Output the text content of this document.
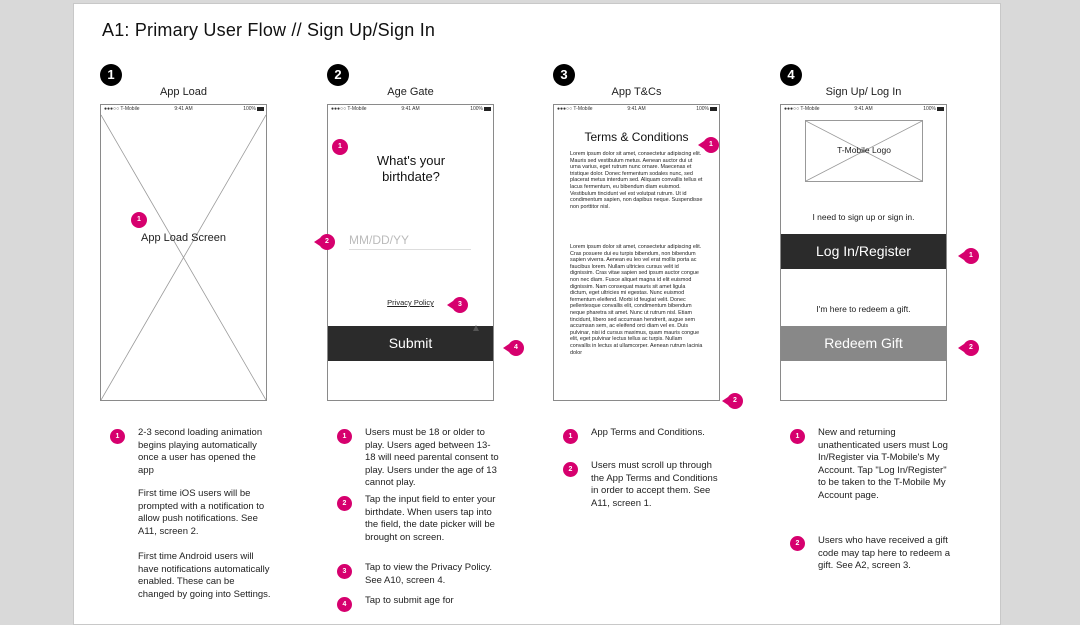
A1: Primary User Flow // Sign Up/Sign In
1
App Load
●●●○○ T-Mobile	9:41 AM	100%
1
App Load Screen
1	2-3 second loading animation begins playing automatically once a user has opened the app
First time iOS users will be prompted with a notification to allow push notifications. See A11, screen 2.
First time Android users will have notifications automatically enabled. These can be changed by going into Settings.
2
Age Gate
●●●○○ T-Mobile	9:41 AM	100%
1
What's your birthdate?
MM/DD/YY
Privacy Policy
Submit
2
3
4
1	Users must be 18 or older to play. Users aged between 13-18 will need parental consent to play. Users under the age of 13 cannot play.
2	Tap the input field to enter your birthdate. When users tap into the field, the date picker will be brought on screen.
3	Tap to view the Privacy Policy. See A10, screen 4.
4	Tap to submit age for
3
App T&Cs
●●●○○ T-Mobile	9:41 AM	100%
Terms & Conditions
Lorem ipsum dolor sit amet, consectetur adipiscing elit. Mauris sed vestibulum metus. Aenean auctor dui ut urna varius, eget rutrum nunc ornare. Maecenas et tristique dolor. Donec fermentum sodales nunc, sed placerat metus interdum sed. Aliquam convallis tellus et lacus fermentum, eu bibendum diam euismod. Vestibulum tincidunt vel est volutpat rutrum. Ut id condimentum sapien, non dapibus neque. Suspendisse non porttitor nisl.
Lorem ipsum dolor sit amet, consectetur adipiscing elit. Cras posuere dui eu turpis bibendum, non bibendum sapien viverra. Aenean eu leo vel erat mollis porta ac faucibus lorem. Nullam ultricies cursus velit id dignissim. Cras vitae sapien sed ipsum auctor congue non nec diam. Fusce aliquet magna id elit euismod dignissim. Nam consequat mauris sit amet ligula dictum, eget ultricies mi egestas. Nunc euismod fermentum eleifend. Morbi id feugiat velit. Donec pellentesque convallis elit, condimentum bibendum neque pharetra sit amet. Nunc ut rutrum nisl. Etiam tincidunt, libero sed accumsan hendrerit, augue sem accumsan sem, ac eleifend orci diam vel ex. Duis pulvinar, nisi id cursus maximus, quam mauris congue elit, eget pulvinar lectus tellus ac turpis. Nullam convallis in lectus at ullamcorper. Aenean rutrum lacinia dolor
1
2
1	App Terms and Conditions.
2	Users must scroll up through the App Terms and Conditions in order to accept them. See A11, screen 1.
4
Sign Up/ Log In
●●●○○ T-Mobile	9:41 AM	100%
T-Mobile Logo
I need to sign up or sign in.
Log In/Register
I'm here to redeem a gift.
Redeem Gift
1
2
1	New and returning unathenticated users must Log In/Register via T-Mobile's My Account. Tap "Log In/Register" to be taken to the T-Mobile My Account page.
2	Users who have received a gift code may tap here to redeem a gift. See A2, screen 3.
